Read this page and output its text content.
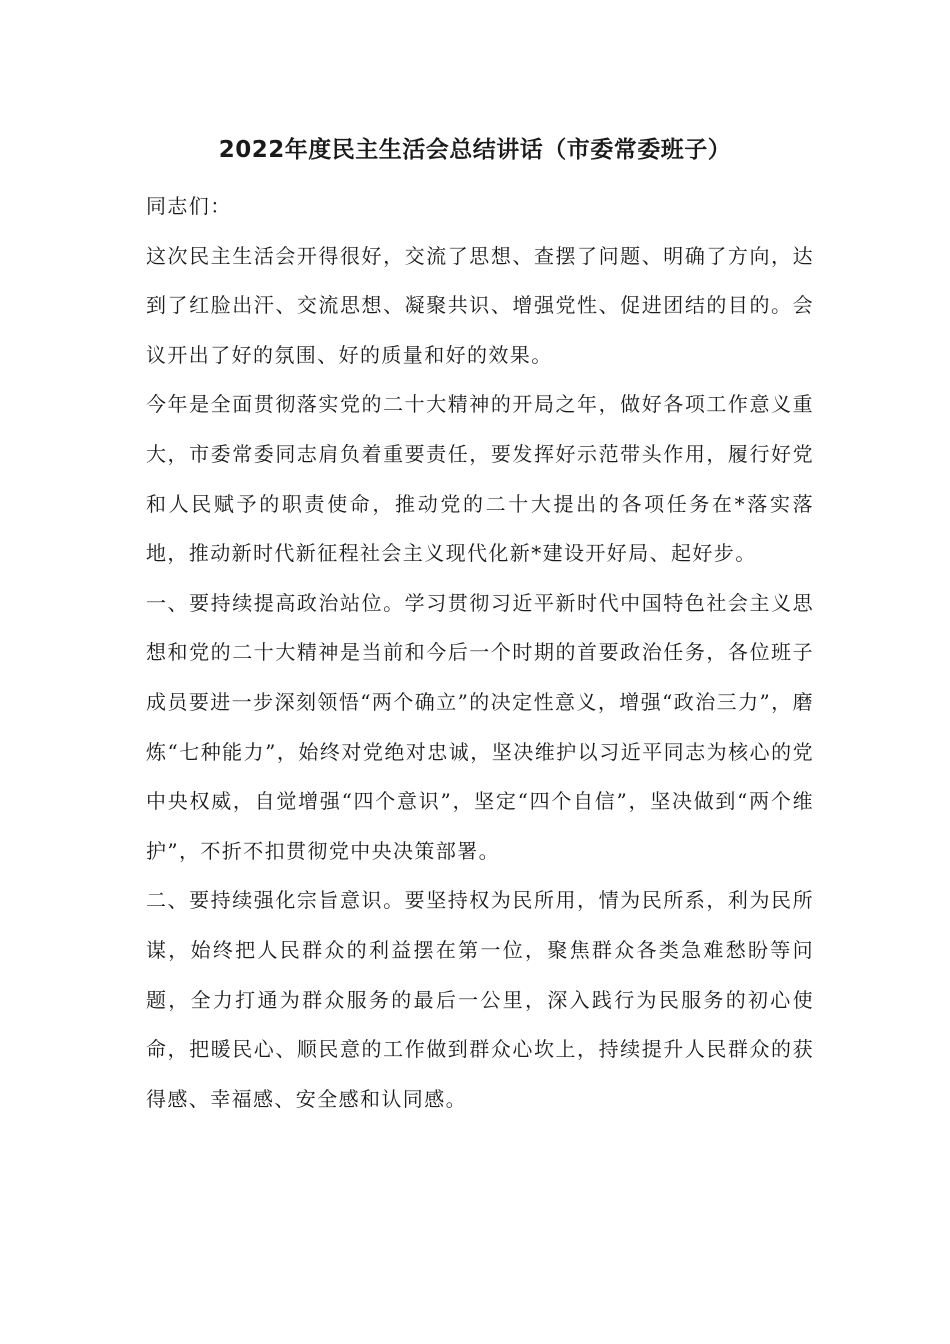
2022年度民主生活会总结讲话（市委常委班子）

同志们：

这次民主生活会开得很好，交流了思想、查摆了问题、明确了方向，达到了红脸出汗、交流思想、凝聚共识、增强党性、促进团结的目的。会议开出了好的氛围、好的质量和好的效果。

今年是全面贯彻落实党的二十大精神的开局之年，做好各项工作意义重大，市委常委同志肩负着重要责任，要发挥好示范带头作用，履行好党和人民赋予的职责使命，推动党的二十大提出的各项任务在*落实落地，推动新时代新征程社会主义现代化新*建设开好局、起好步。

一、要持续提高政治站位。学习贯彻习近平新时代中国特色社会主义思想和党的二十大精神是当前和今后一个时期的首要政治任务，各位班子成员要进一步深刻领悟“两个确立”的决定性意义，增强“政治三力”，磨炼“七种能力”，始终对党绝对忠诚，坚决维护以习近平同志为核心的党中央权威，自觉增强“四个意识”，坚定“四个自信”，坚决做到“两个维护”，不折不扣贯彻党中央决策部署。

二、要持续强化宗旨意识。要坚持权为民所用，情为民所系，利为民所谋，始终把人民群众的利益摆在第一位，聚焦群众各类急难愁盼等问题，全力打通为群众服务的最后一公里，深入践行为民服务的初心使命，把暖民心、顺民意的工作做到群众心坎上，持续提升人民群众的获得感、幸福感、安全感和认同感。
